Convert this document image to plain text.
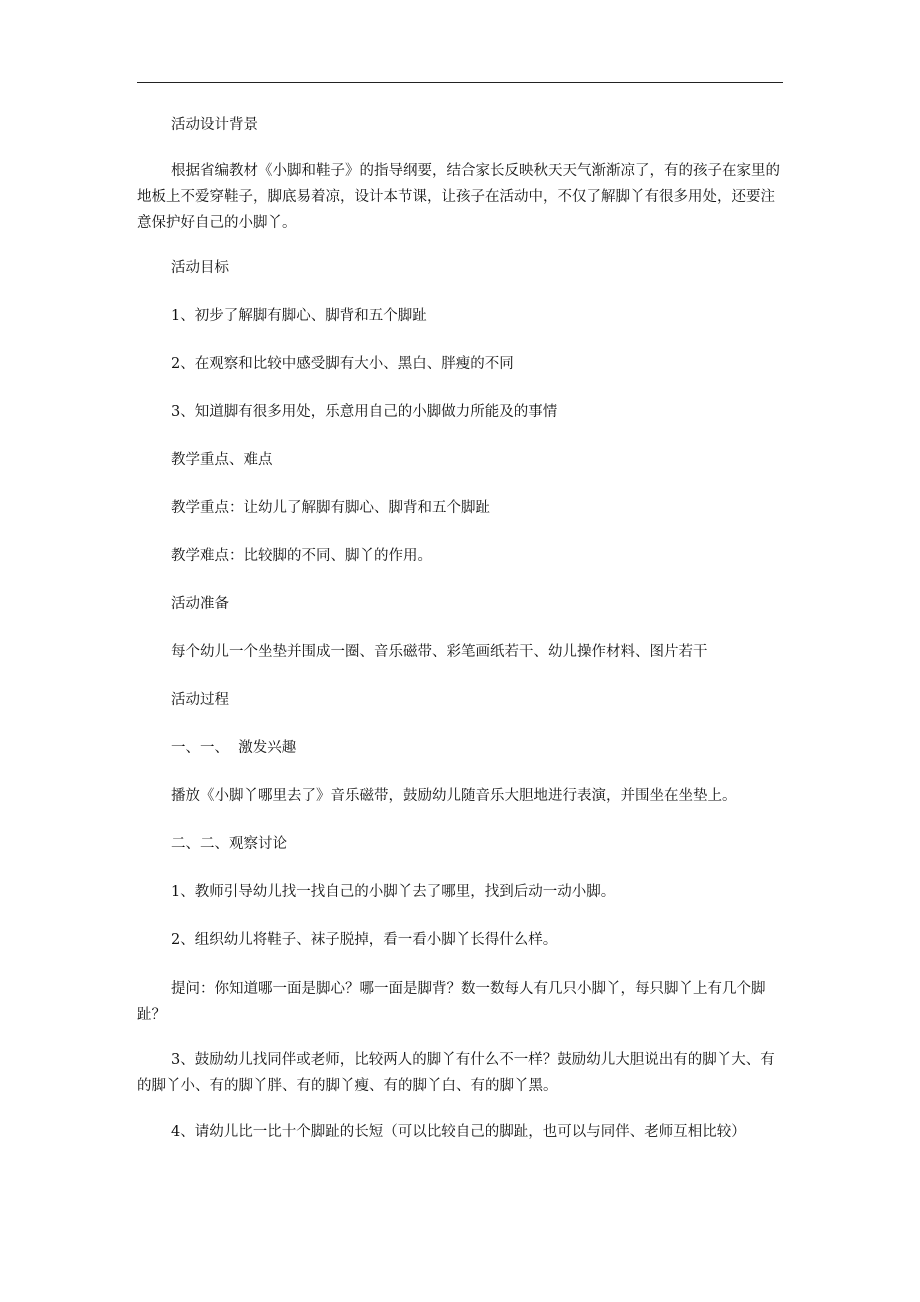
活动设计背景
根据省编教材《小脚和鞋子》的指导纲要，结合家长反映秋天天气渐渐凉了，有的孩子在家里的地板上不爱穿鞋子，脚底易着凉，设计本节课，让孩子在活动中，不仅了解脚丫有很多用处，还要注意保护好自己的小脚丫。
活动目标
1、初步了解脚有脚心、脚背和五个脚趾
2、在观察和比较中感受脚有大小、黑白、胖瘦的不同
3、知道脚有很多用处，乐意用自己的小脚做力所能及的事情
教学重点、难点
教学重点：让幼儿了解脚有脚心、脚背和五个脚趾
教学难点：比较脚的不同、脚丫的作用。
活动准备
每个幼儿一个坐垫并围成一圈、音乐磁带、彩笔画纸若干、幼儿操作材料、图片若干
活动过程
一、一、  激发兴趣
播放《小脚丫哪里去了》音乐磁带，鼓励幼儿随音乐大胆地进行表演，并围坐在坐垫上。
二、二、观察讨论
1、教师引导幼儿找一找自己的小脚丫去了哪里，找到后动一动小脚。
2、组织幼儿将鞋子、袜子脱掉，看一看小脚丫长得什么样。
提问：你知道哪一面是脚心？哪一面是脚背？数一数每人有几只小脚丫，每只脚丫上有几个脚趾？
3、鼓励幼儿找同伴或老师，比较两人的脚丫有什么不一样？鼓励幼儿大胆说出有的脚丫大、有的脚丫小、有的脚丫胖、有的脚丫瘦、有的脚丫白、有的脚丫黑。
4、请幼儿比一比十个脚趾的长短（可以比较自己的脚趾，也可以与同伴、老师互相比较）
